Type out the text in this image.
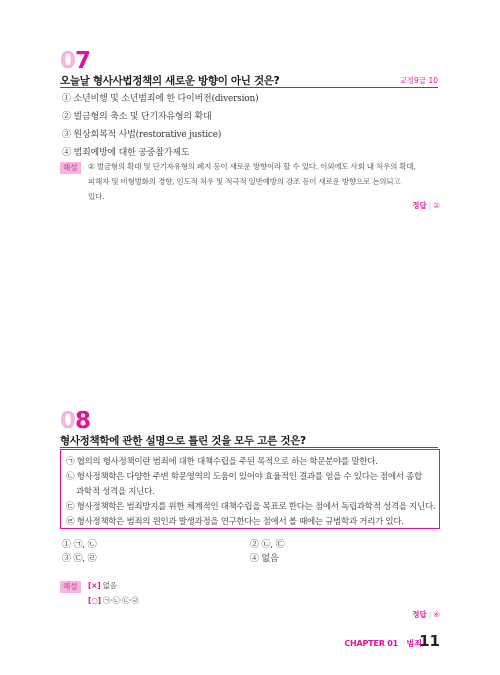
07
오늘날 형사사법정책의 새로운 방향이 아닌 것은?	교정9급 10
① 소년비행 및 소년범죄에 한 다이버전(diversion)
② 벌금형의 축소 및 단기자유형의 확대
③ 원상회복적 사법(restorative justice)
④ 범죄예방에 대한 공중참가제도
해설	② 벌금형의 확대 및 단기자유형의 폐지 등이 새로운 방향이라 할 수 있다. 이외에도 사회 내 처우의 확대,
피해자 및 비형벌화의 경향, 인도적 처우 및 적극적 일반예방의 강조 등이 새로운 방향으로 논의되고
있다.
정답 | ②
08
형사정책학에 관한 설명으로 틀린 것을 모두 고른 것은?
㉠ 협의의 형사정책이란 범죄에 대한 대책수립을 주된 목적으로 하는 학문분야를 말한다.
㉡ 형사정책학은 다양한 주변 학문영역의 도움이 있어야 효율적인 결과를 얻을 수 있다는 점에서 종합
과학적 성격을 지닌다.
㉢ 형사정책학은 범죄방지를 위한 체계적인 대책수립을 목표로 한다는 점에서 독립과학적 성격을 지닌다.
㉣ 형사정책학은 범죄의 원인과 발생과정을 연구한다는 점에서 볼 때에는 규범학과 거리가 있다.
① ㉠, ㉡	② ㉡, ㉢
③ ㉢, ㉣	④ 없음
해설	[×] 없음
[○] ㉠·㉡·㉢·㉣
정답 | ④
CHAPTER 01 범죄
11
